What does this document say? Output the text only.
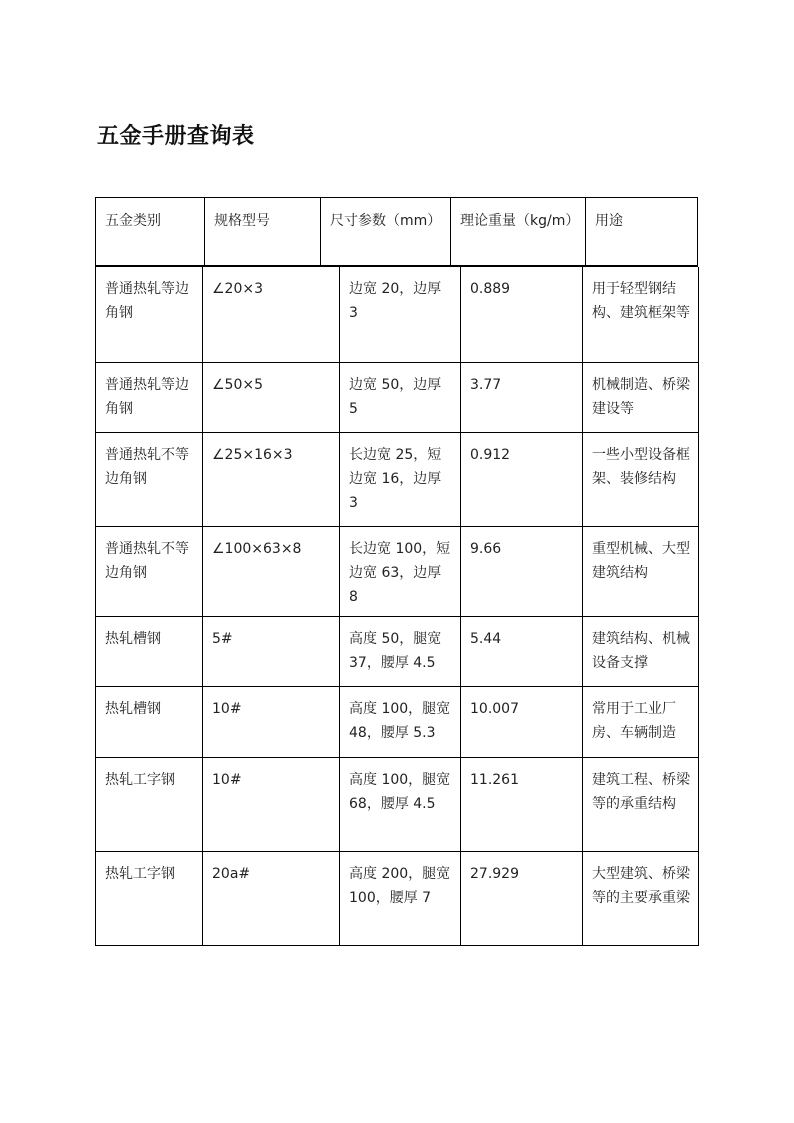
五金手册查询表
五金类别	规格型号	尺寸参数（mm）	理论重量（kg/m）	用途
普通热轧等边角钢	∠20×3	边宽 20，边厚 3	0.889	用于轻型钢结构、建筑框架等
普通热轧等边角钢	∠50×5	边宽 50，边厚 5	3.77	机械制造、桥梁建设等
普通热轧不等边角钢	∠25×16×3	长边宽 25，短边宽 16，边厚 3	0.912	一些小型设备框架、装修结构
普通热轧不等边角钢	∠100×63×8	长边宽 100，短边宽 63，边厚 8	9.66	重型机械、大型建筑结构
热轧槽钢	5#	高度 50，腿宽 37，腰厚 4.5	5.44	建筑结构、机械设备支撑
热轧槽钢	10#	高度 100，腿宽 48，腰厚 5.3	10.007	常用于工业厂房、车辆制造
热轧工字钢	10#	高度 100，腿宽 68，腰厚 4.5	11.261	建筑工程、桥梁等的承重结构
热轧工字钢	20a#	高度 200，腿宽 100，腰厚 7	27.929	大型建筑、桥梁等的主要承重梁
